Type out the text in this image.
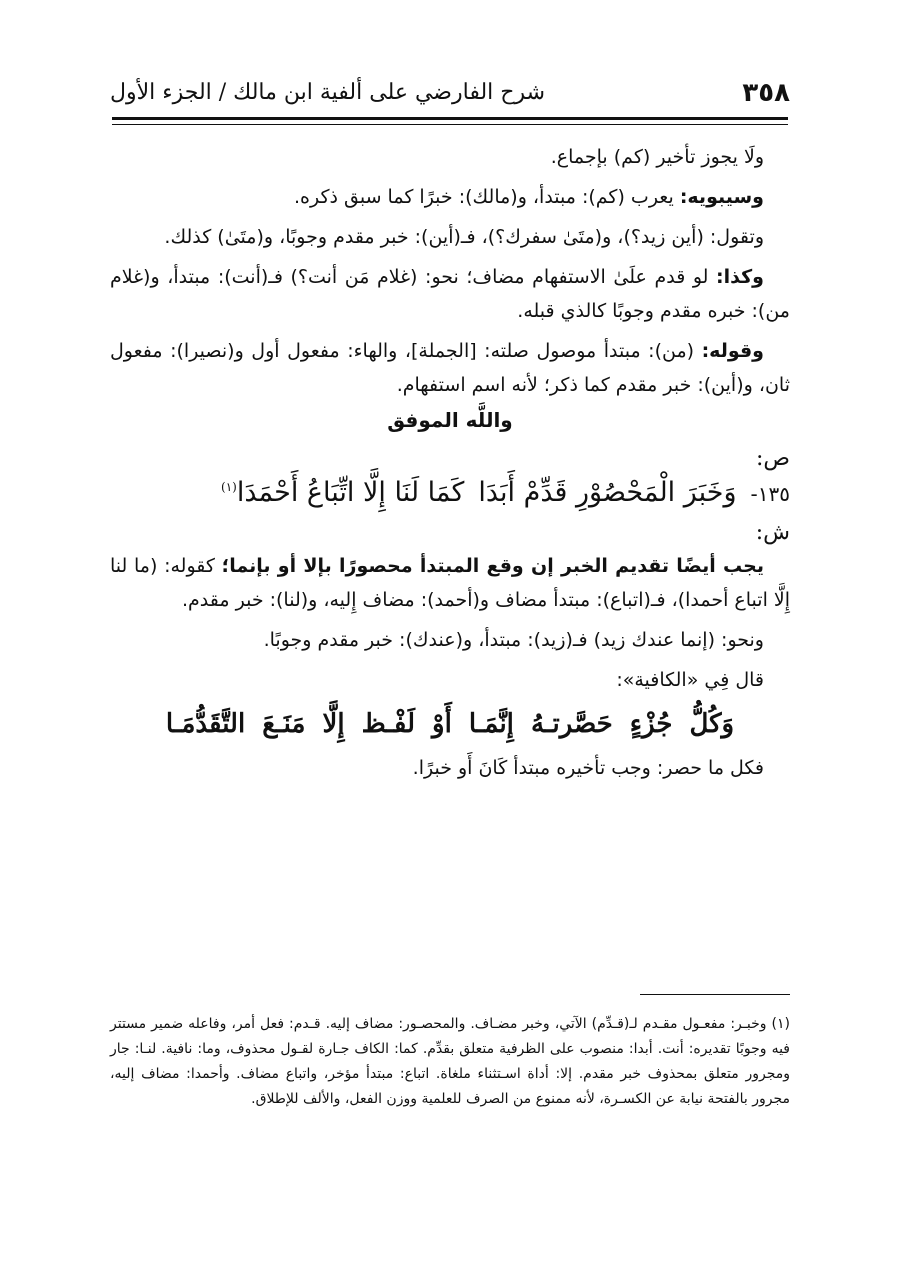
٣٥٨
شرح الفارضي على ألفية ابن مالك / الجزء الأول

ولَا يجوز تأخير (كم) بإجماع.

وسيبويه: يعرب (كم): مبتدأ، و(مالك): خبرًا كما سبق ذكره.

وتقول: (أين زيد؟)، و(متَىٰ سفرك؟)، فـ(أين): خبر مقدم وجوبًا، و(متَىٰ) كذلك.

وكذا: لو قدم علَىٰ الاستفهام مضاف؛ نحو: (غلام مَن أنت؟) فـ(أنت): مبتدأ، و(غلام من): خبره مقدم وجوبًا كالذي قبله.

وقوله: (من): مبتدأ موصول صلته: [الجملة]، والهاء: مفعول أول و(نصيرا): مفعول ثان، و(أين): خبر مقدم كما ذكر؛ لأنه اسم استفهام.

واللَّه الموفق
ص:
١٣٥-
وَخَبَرَ الْمَحْصُوْرِ قَدِّمْ أَبَدَا
كَمَا لَنَا إِلَّا اتِّبَاعُ أَحْمَدَا$^{(١)}$
ش:

يجب أيضًا تقديم الخبر إن وقع المبتدأ محصورًا بإلا أو بإنما؛ كقوله: (ما لنا إِلَّا اتباع أحمدا)، فـ(اتباع): مبتدأ مضاف و(أحمد): مضاف إِليه، و(لنا): خبر مقدم.

ونحو: (إنما عندك زيد) فـ(زيد): مبتدأ، و(عندك): خبر مقدم وجوبًا.

قال فِي «الكافية»:

وَكُلُّ جُزْءٍ حَصَّرتـهُ إِنَّمَـا أَوْ لَفْـظ إِلَّا مَنَـعَ التَّقَدُّمَـا

فكل ما حصر: وجب تأخيره مبتدأ كَانَ أَو خبرًا.

(١) وخبـر: مفعـول مقـدم لـ(قـدِّم) الآتي، وخبر مضـاف. والمحصـور: مضاف إليه. قـدم: فعل أمر، وفاعله ضمير مستتر فيه وجوبًا تقديره: أنت. أبدا: منصوب على الظرفية متعلق بقدِّم. كما: الكاف جـارة لقـول محذوف، وما: نافية. لنـا: جار ومجرور متعلق بمحذوف خبر مقدم. إلا: أداة اسـتثناء ملغاة. اتباع: مبتدأ مؤخر، واتباع مضاف. وأحمدا: مضاف إليه، مجرور بالفتحة نيابة عن الكسـرة، لأنه ممنوع من الصرف للعلمية ووزن الفعل، والألف للإطلاق.
